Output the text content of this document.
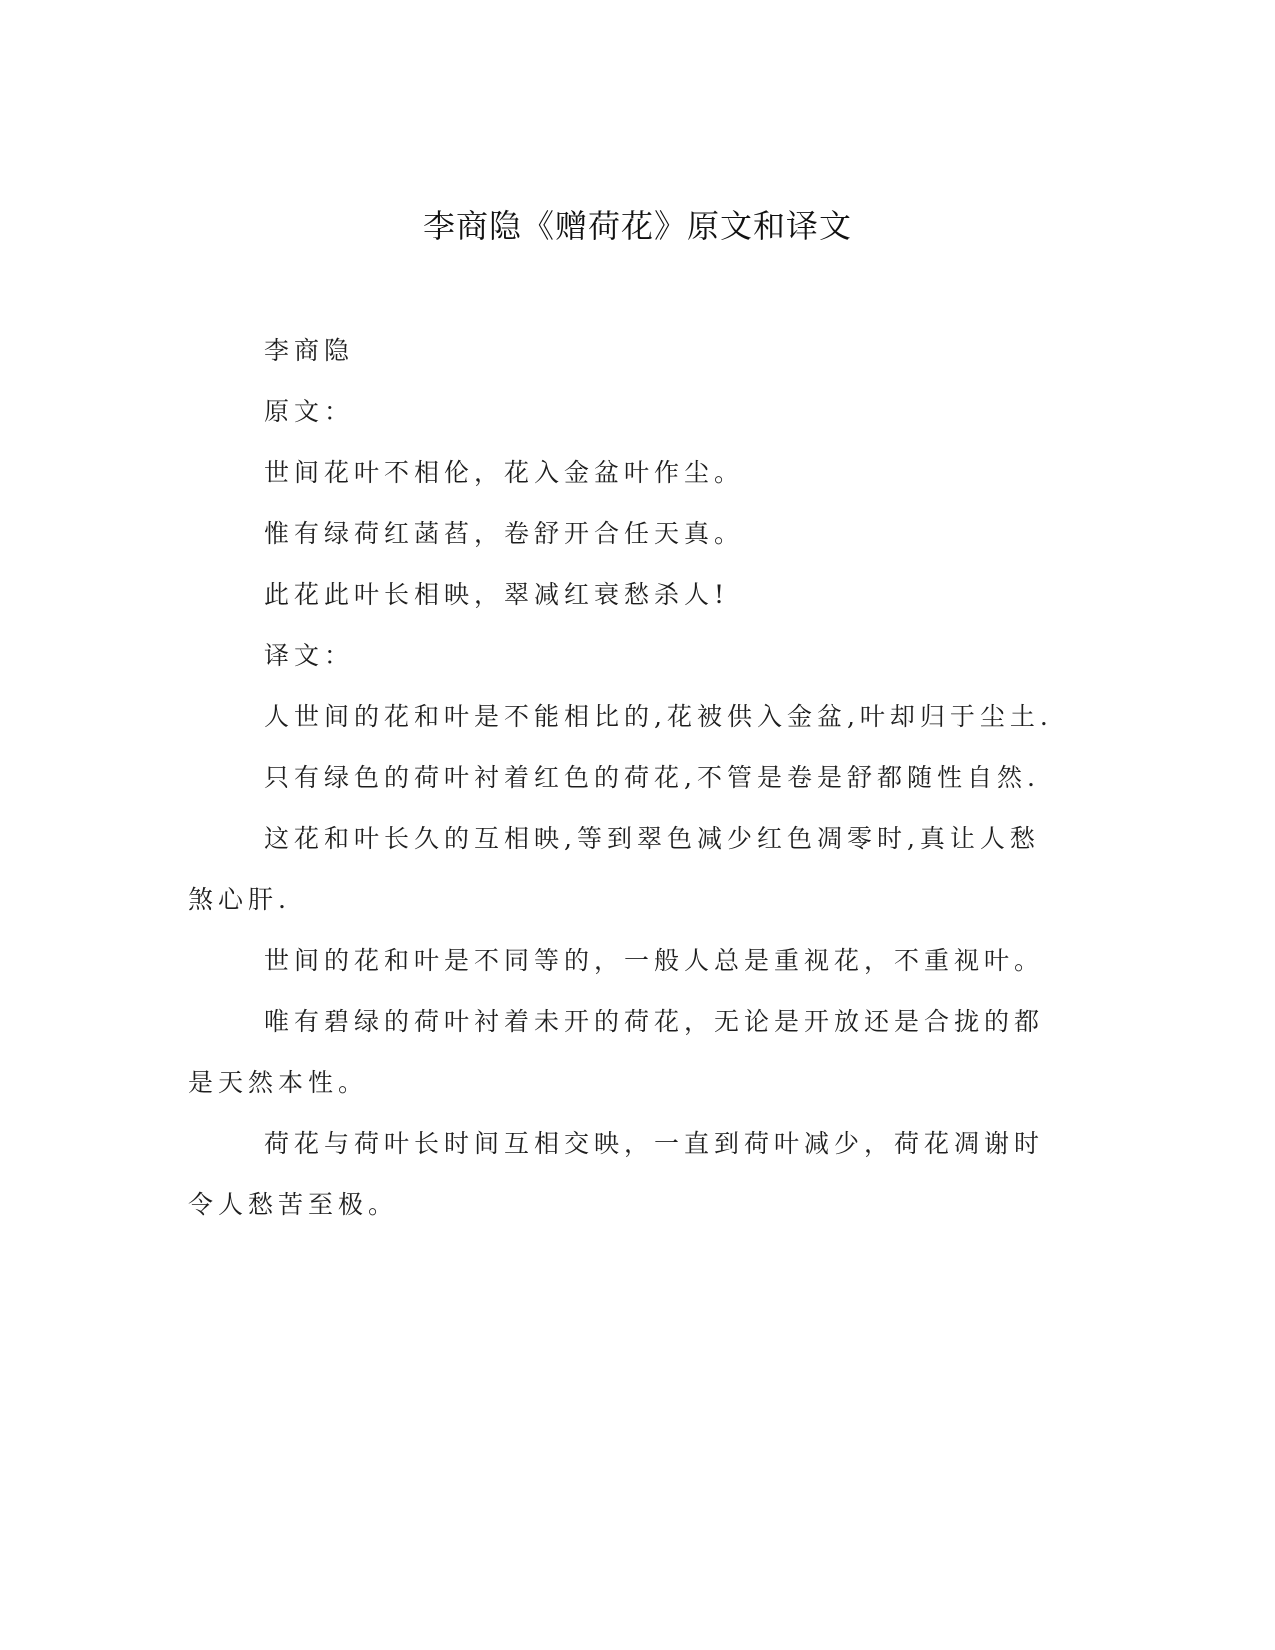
李商隐《赠荷花》原文和译文

李商隐

原文：

世间花叶不相伦，花入金盆叶作尘。

惟有绿荷红菡萏，卷舒开合任天真。

此花此叶长相映，翠减红衰愁杀人!

译文：

人世间的花和叶是不能相比的,花被供入金盆,叶却归于尘土.

只有绿色的荷叶衬着红色的荷花,不管是卷是舒都随性自然.

这花和叶长久的互相映,等到翠色减少红色凋零时,真让人愁煞心肝.

世间的花和叶是不同等的，一般人总是重视花，不重视叶。

唯有碧绿的荷叶衬着未开的荷花，无论是开放还是合拢的都是天然本性。

荷花与荷叶长时间互相交映，一直到荷叶减少，荷花凋谢时令人愁苦至极。
